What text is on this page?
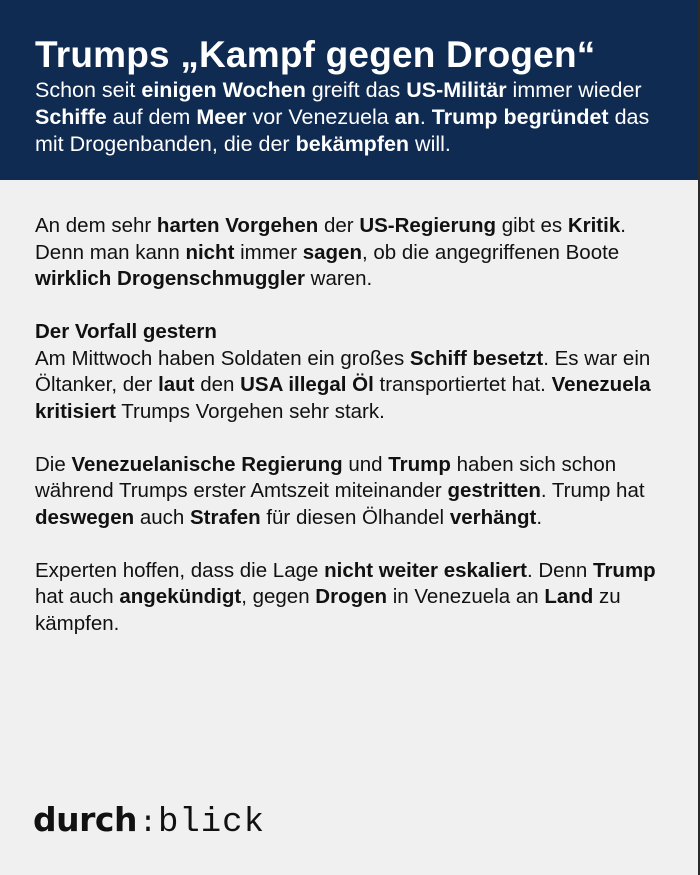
Trumps „Kampf gegen Drogen“

Schon seit einigen Wochen greift das US-Militär immer wieder Schiffe auf dem Meer vor Venezuela an. Trump begründet das mit Drogenbanden, die der bekämpfen will.

An dem sehr harten Vorgehen der US-Regierung gibt es Kritik. Denn man kann nicht immer sagen, ob die angegriffenen Boote wirklich Drogenschmuggler waren.
Der Vorfall gestern
Am Mittwoch haben Soldaten ein großes Schiff besetzt. Es war ein Öltanker, der laut den USA illegal Öl transportiertet hat. Venezuela kritisiert Trumps Vorgehen sehr stark.
Die Venezuelanische Regierung und Trump haben sich schon während Trumps erster Amtszeit miteinander gestritten. Trump hat deswegen auch Strafen für diesen Ölhandel verhängt.
Experten hoffen, dass die Lage nicht weiter eskaliert. Denn Trump hat auch angekündigt, gegen Drogen in Venezuela an Land zu kämpfen.
durch : blick
